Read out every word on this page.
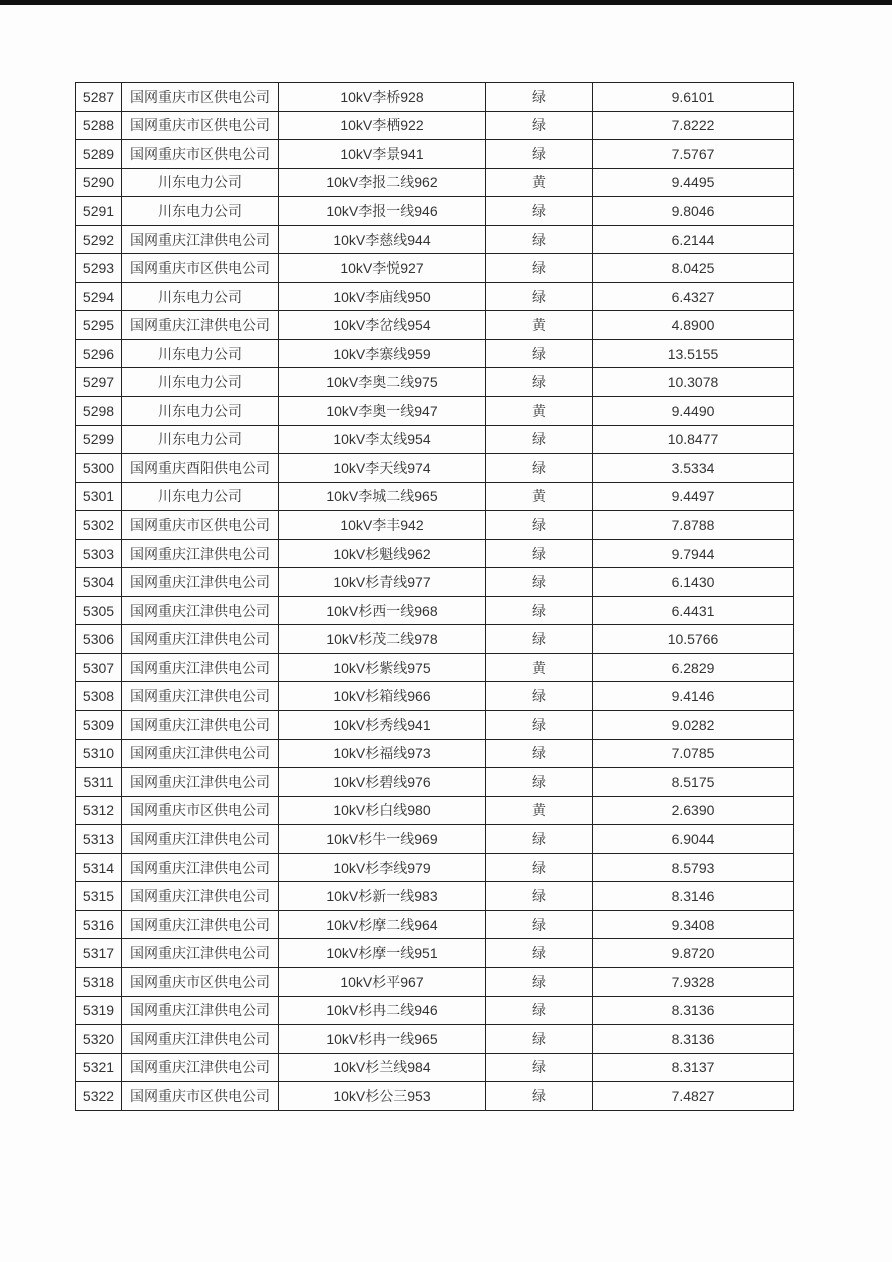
5287	国网重庆市区供电公司	10kV李桥928	绿	9.6101
5288	国网重庆市区供电公司	10kV李栖922	绿	7.8222
5289	国网重庆市区供电公司	10kV李景941	绿	7.5767
5290	川东电力公司	10kV李报二线962	黄	9.4495
5291	川东电力公司	10kV李报一线946	绿	9.8046
5292	国网重庆江津供电公司	10kV李慈线944	绿	6.2144
5293	国网重庆市区供电公司	10kV李悦927	绿	8.0425
5294	川东电力公司	10kV李庙线950	绿	6.4327
5295	国网重庆江津供电公司	10kV李岔线954	黄	4.8900
5296	川东电力公司	10kV李寨线959	绿	13.5155
5297	川东电力公司	10kV李奥二线975	绿	10.3078
5298	川东电力公司	10kV李奥一线947	黄	9.4490
5299	川东电力公司	10kV李太线954	绿	10.8477
5300	国网重庆酉阳供电公司	10kV李天线974	绿	3.5334
5301	川东电力公司	10kV李城二线965	黄	9.4497
5302	国网重庆市区供电公司	10kV李丰942	绿	7.8788
5303	国网重庆江津供电公司	10kV杉魁线962	绿	9.7944
5304	国网重庆江津供电公司	10kV杉青线977	绿	6.1430
5305	国网重庆江津供电公司	10kV杉西一线968	绿	6.4431
5306	国网重庆江津供电公司	10kV杉茂二线978	绿	10.5766
5307	国网重庆江津供电公司	10kV杉紫线975	黄	6.2829
5308	国网重庆江津供电公司	10kV杉箱线966	绿	9.4146
5309	国网重庆江津供电公司	10kV杉秀线941	绿	9.0282
5310	国网重庆江津供电公司	10kV杉福线973	绿	7.0785
5311	国网重庆江津供电公司	10kV杉碧线976	绿	8.5175
5312	国网重庆市区供电公司	10kV杉白线980	黄	2.6390
5313	国网重庆江津供电公司	10kV杉牛一线969	绿	6.9044
5314	国网重庆江津供电公司	10kV杉李线979	绿	8.5793
5315	国网重庆江津供电公司	10kV杉新一线983	绿	8.3146
5316	国网重庆江津供电公司	10kV杉摩二线964	绿	9.3408
5317	国网重庆江津供电公司	10kV杉摩一线951	绿	9.8720
5318	国网重庆市区供电公司	10kV杉平967	绿	7.9328
5319	国网重庆江津供电公司	10kV杉冉二线946	绿	8.3136
5320	国网重庆江津供电公司	10kV杉冉一线965	绿	8.3136
5321	国网重庆江津供电公司	10kV杉兰线984	绿	8.3137
5322	国网重庆市区供电公司	10kV杉公三953	绿	7.4827
